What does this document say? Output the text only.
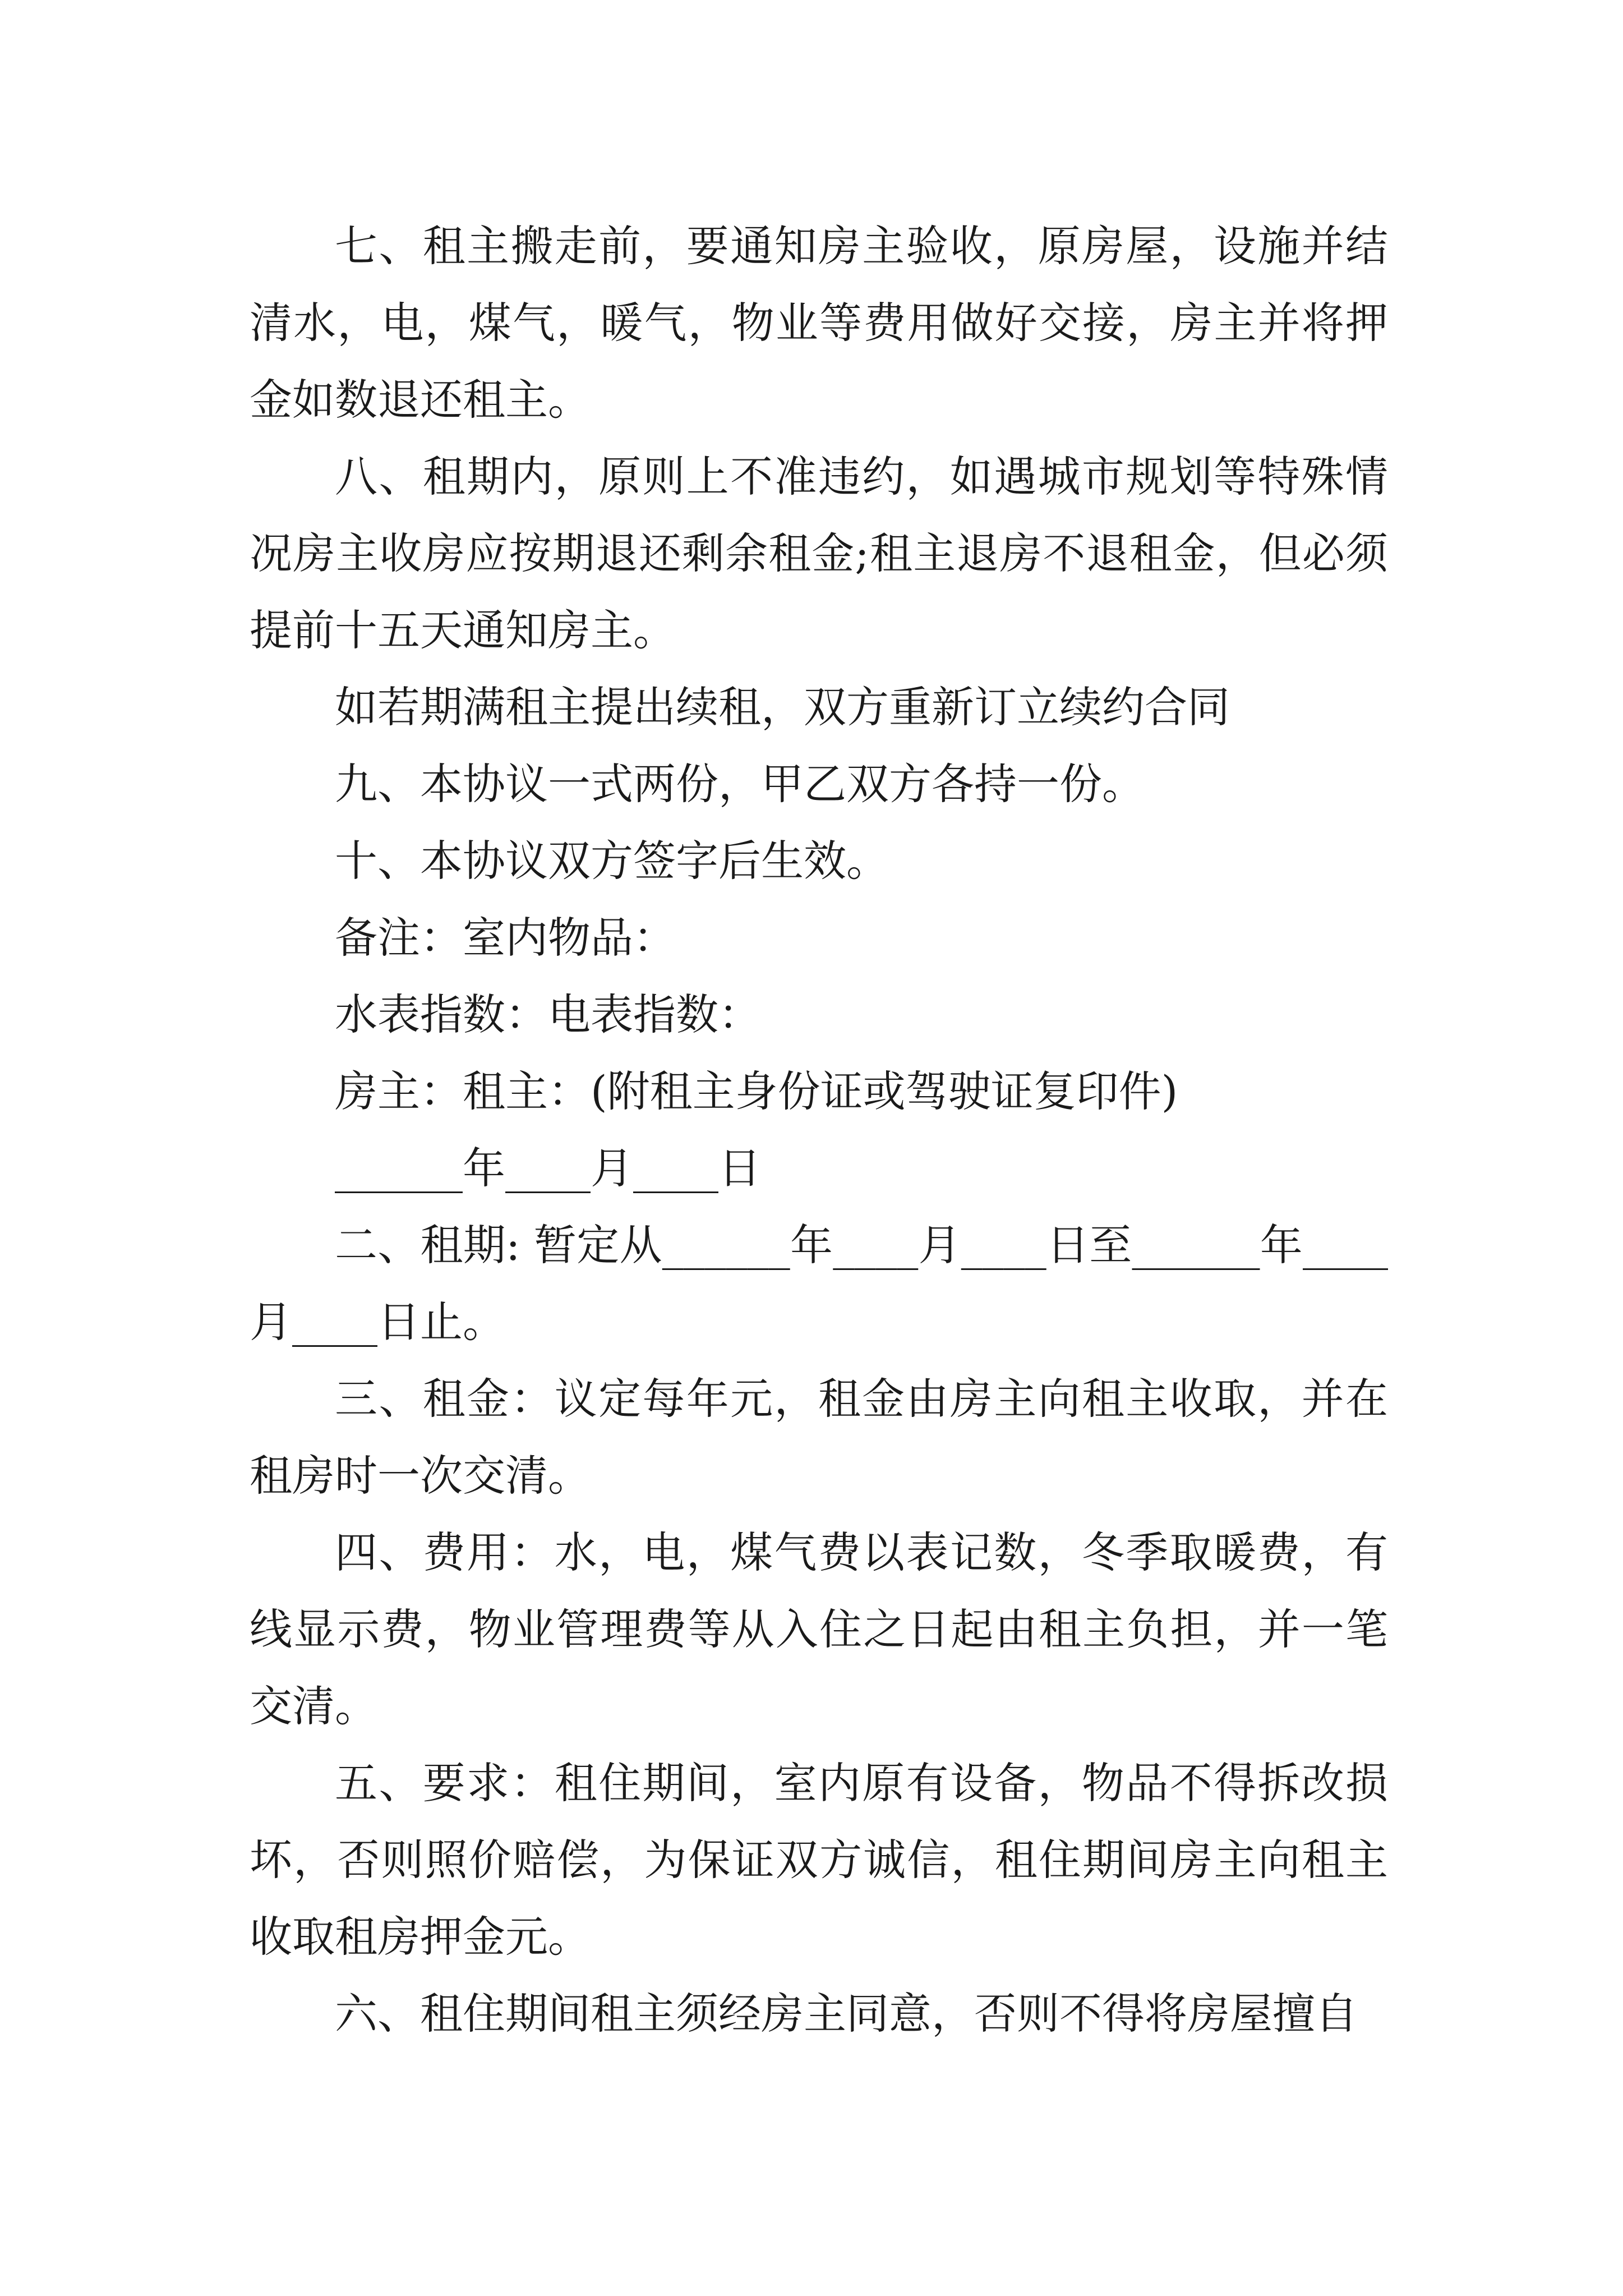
七、租主搬走前，要通知房主验收，原房屋，设施并结清水，电，煤气，暖气，物业等费用做好交接，房主并将押金如数退还租主。

八、租期内，原则上不准违约，如遇城市规划等特殊情况房主收房应按期退还剩余租金;租主退房不退租金，但必须提前十五天通知房主。

如若期满租主提出续租，双方重新订立续约合同

九、本协议一式两份，甲乙双方各持一份。

十、本协议双方签字后生效。

备注：室内物品：

水表指数：电表指数：

房主：租主：(附租主身份证或驾驶证复印件)

______年____月____日

二、租期: 暂定从______年____月____日至______年____月____日止。

三、租金：议定每年元，租金由房主向租主收取，并在租房时一次交清。

四、费用：水，电，煤气费以表记数，冬季取暖费，有线显示费，物业管理费等从入住之日起由租主负担，并一笔交清。

五、要求：租住期间，室内原有设备，物品不得拆改损坏，否则照价赔偿，为保证双方诚信，租住期间房主向租主收取租房押金元。

六、租住期间租主须经房主同意，否则不得将房屋擅自
